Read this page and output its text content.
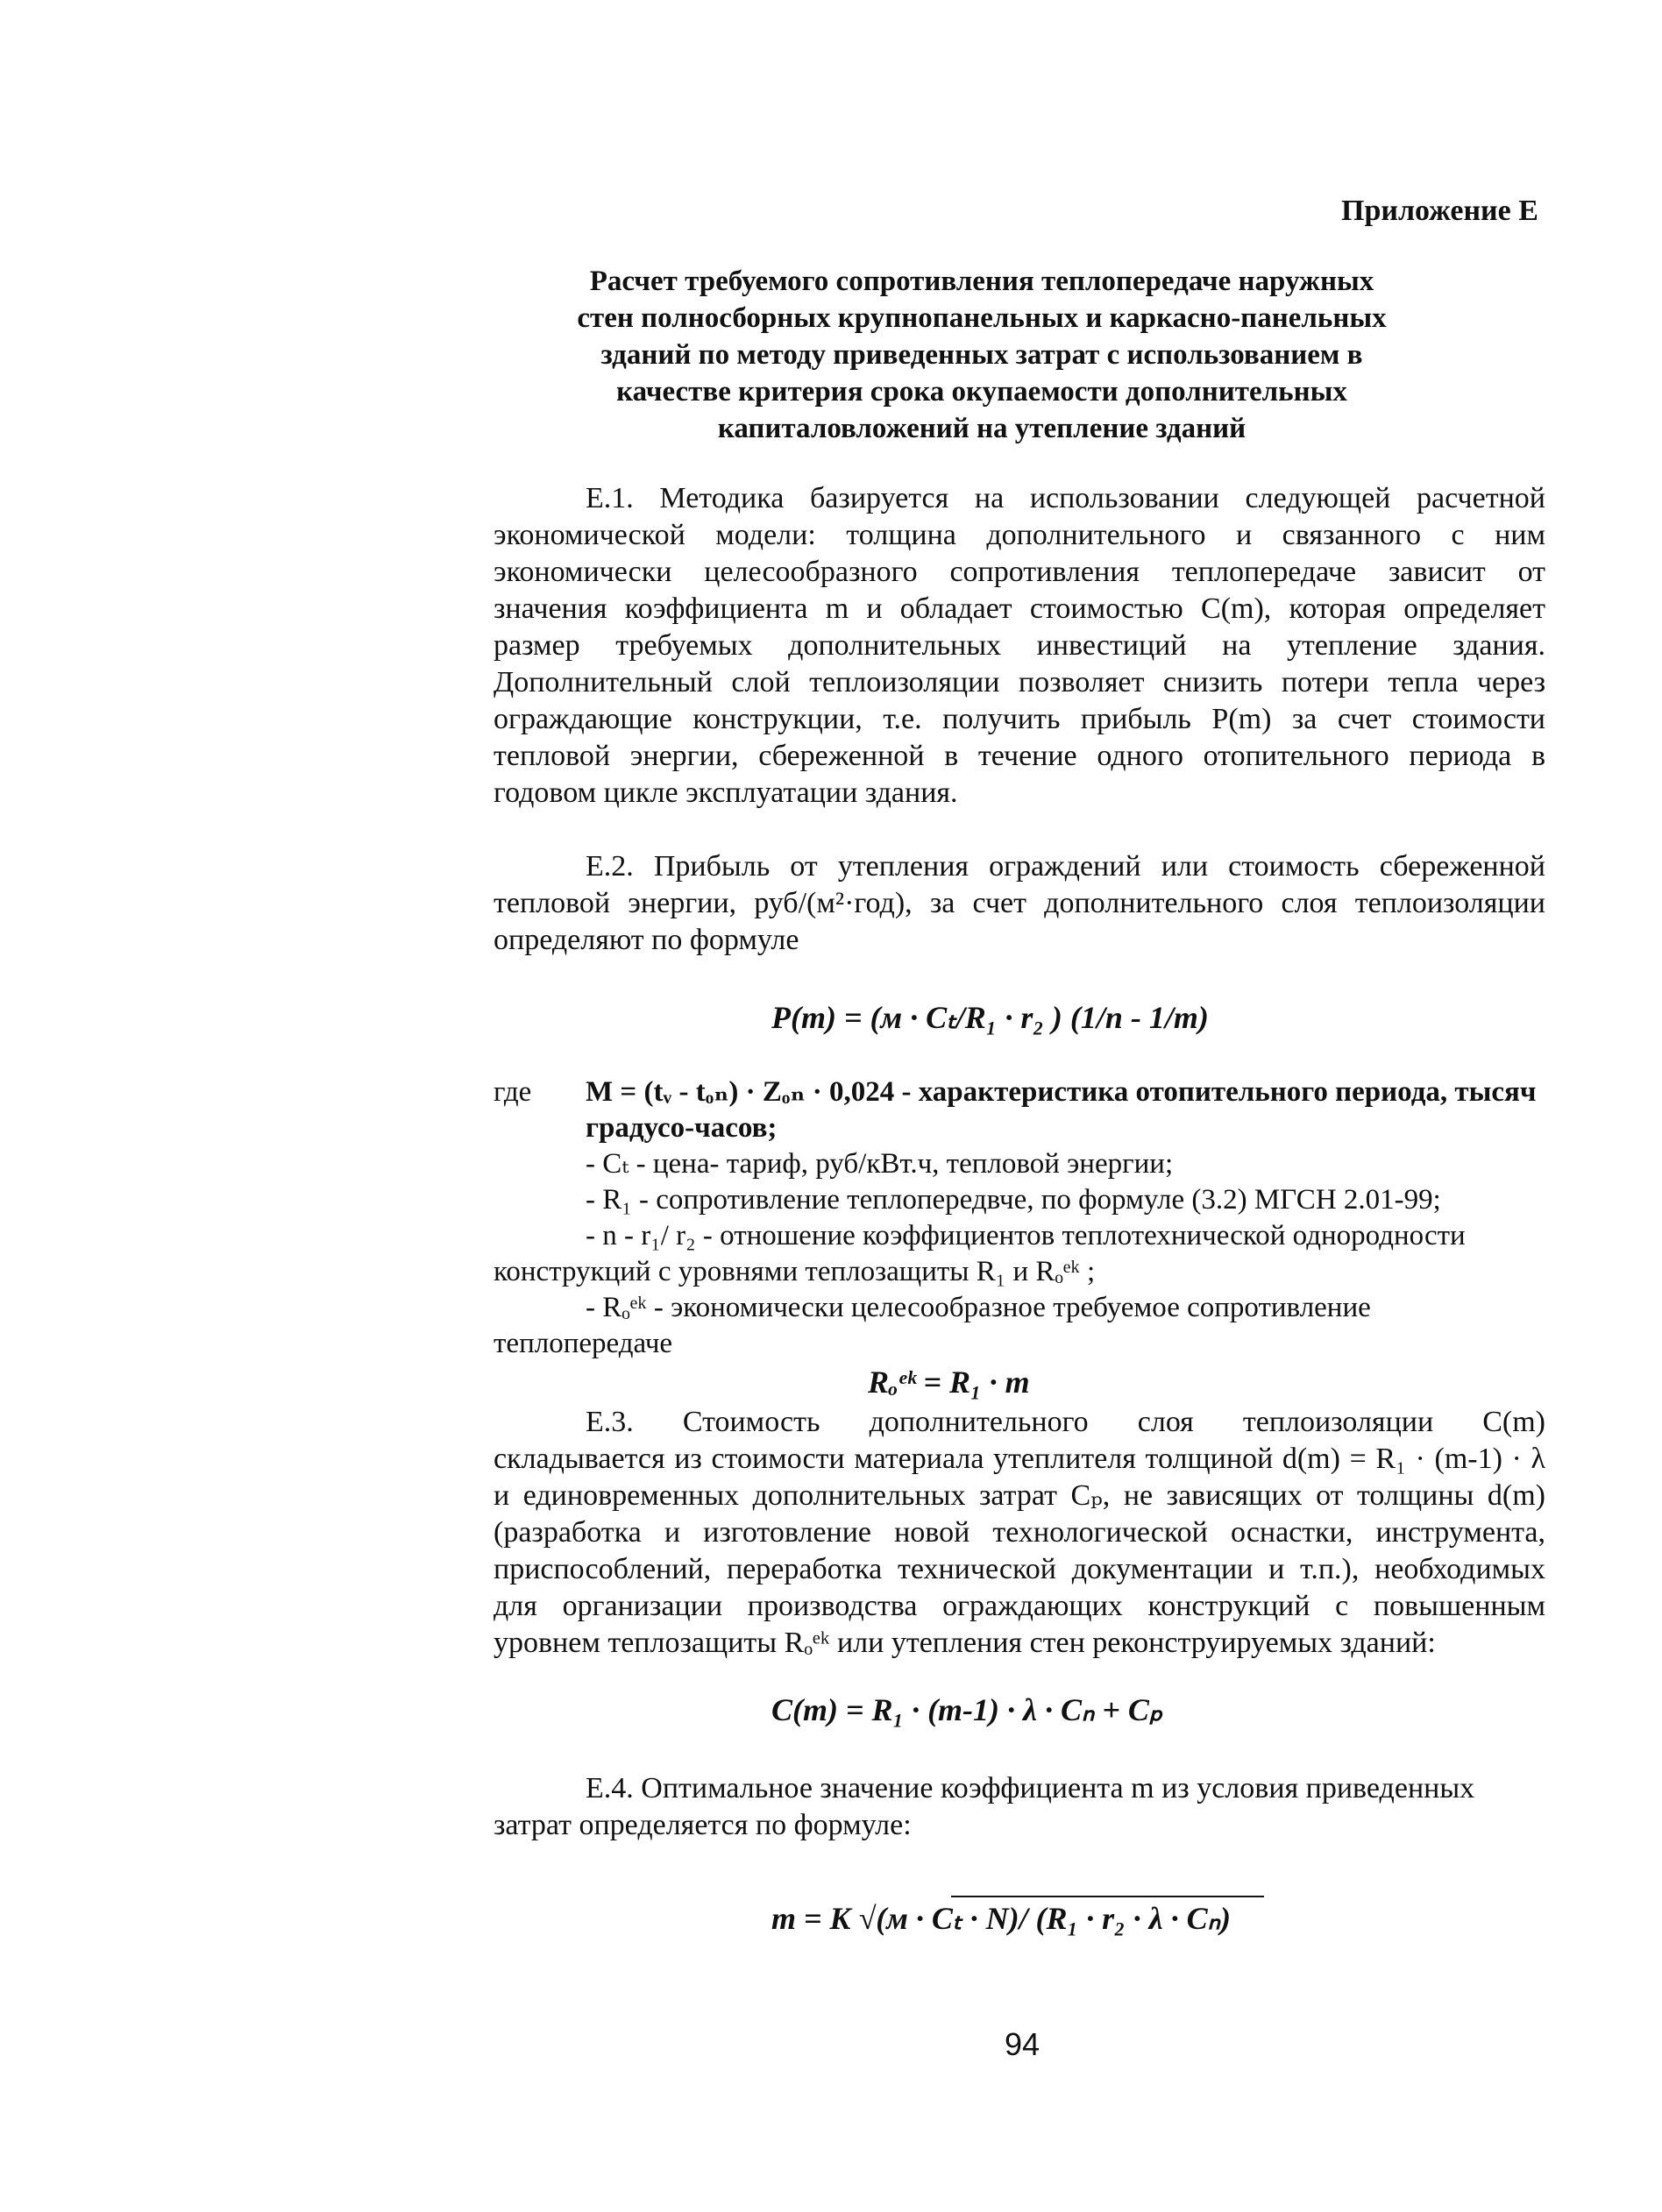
Приложение Е
Расчет требуемого сопротивления теплопередаче наружных
стен полносборных крупнопанельных и каркасно-панельных
зданий по методу приведенных затрат с использованием в
качестве критерия срока окупаемости дополнительных
капиталовложений на утепление зданий
Е.1. Методика базируется на использовании следующей расчетной
экономической модели: толщина дополнительного и связанного с ним
экономически целесообразного сопротивления теплопередаче зависит от
значения коэффициента m и обладает стоимостью C(m), которая определяет
размер требуемых дополнительных инвестиций на утепление здания.
Дополнительный слой теплоизоляции позволяет снизить потери тепла через
ограждающие конструкции, т.е. получить прибыль P(m) за счет стоимости
тепловой энергии, сбереженной в течение одного отопительного периода в
годовом цикле эксплуатации здания.
Е.2. Прибыль от утепления ограждений или стоимость сбереженной
тепловой энергии, руб/(м²·год), за счет дополнительного слоя теплоизоляции
определяют по формуле
P(m) = (м · Cₜ/R₁ · r₂ ) (1/n - 1/m)
где M = (tᵥ - tₒₙ) · Zₒₙ · 0,024 - характеристика отопительного периода, тысяч
градусо-часов;
- Cₜ - цена- тариф, руб/кВт.ч, тепловой энергии;
- R₁ - сопротивление теплопередвче, по формуле (3.2) МГСН 2.01-99;
- n - r₁/ r₂ - отношение коэффициентов теплотехнической однородности
конструкций с уровнями теплозащиты R₁ и Rₒᵉᵏ ;
- Rₒᵉᵏ - экономически целесообразное требуемое сопротивление
теплопередаче
Rₒᵉᵏ = R₁ · m
Е.3. Стоимость дополнительного слоя теплоизоляции C(m)
складывается из стоимости материала утеплителя толщиной d(m) = R₁ · (m-1) · λ
и единовременных дополнительных затрат Cₚ, не зависящих от толщины d(m)
(разработка и изготовление новой технологической оснастки, инструмента,
приспособлений, переработка технической документации и т.п.), необходимых
для организации производства ограждающих конструкций с повышенным
уровнем теплозащиты Rₒᵉᵏ или утепления стен реконструируемых зданий:
C(m) = R₁ · (m-1) · λ · Cₙ + Cₚ
Е.4. Оптимальное значение коэффициента m из условия приведенных
затрат определяется по формуле:
m = K √(м · Cₜ · N)/ (R₁ · r₂ · λ · Cₙ)
94
